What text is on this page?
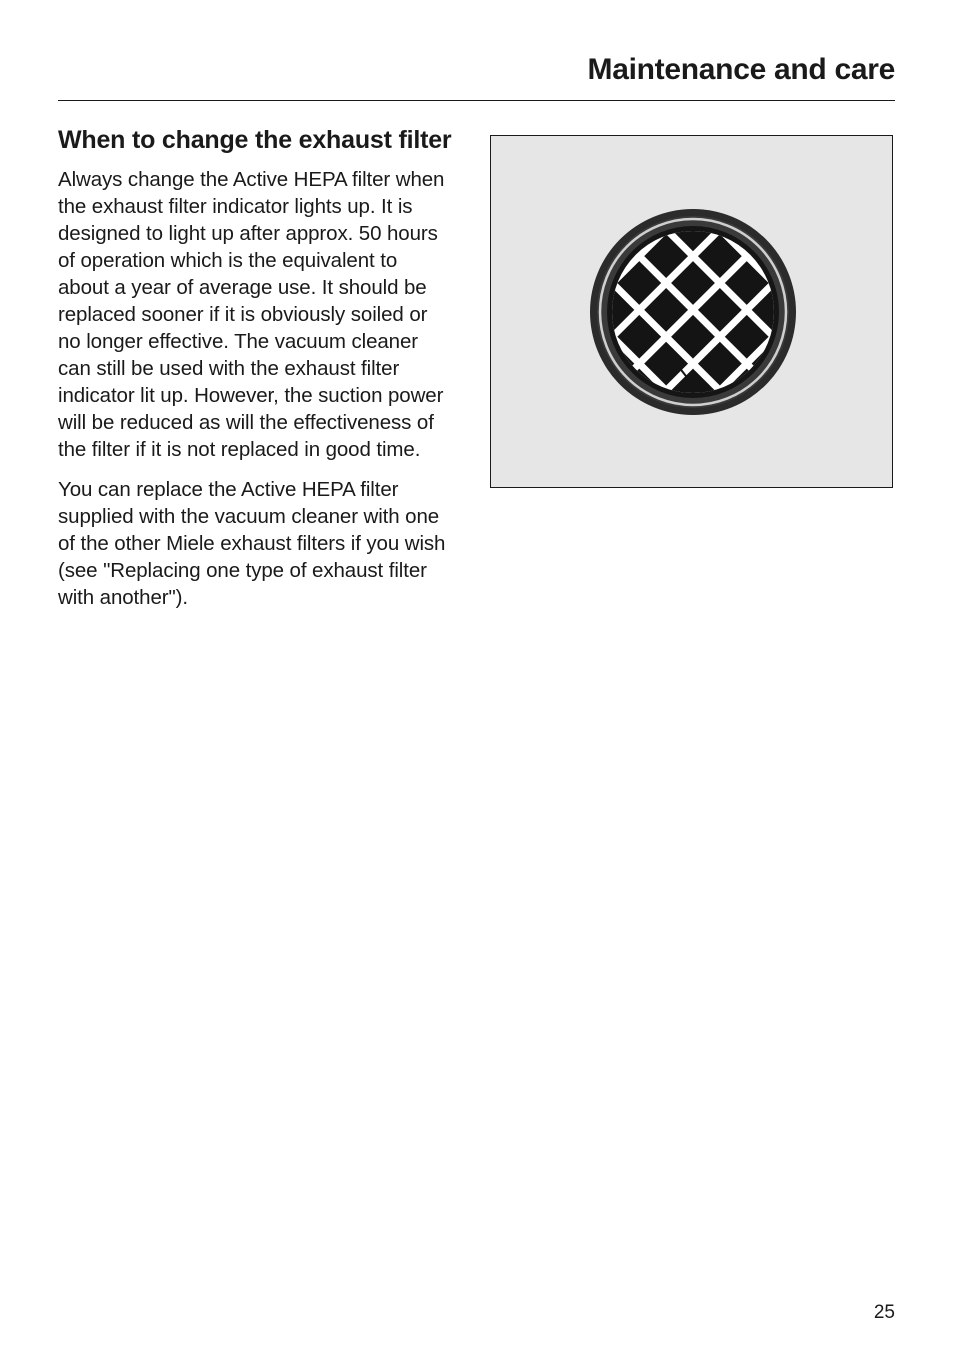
Maintenance and care
When to change the exhaust filter

Always change the Active HEPA filter when the exhaust filter indicator lights up. It is designed to light up after approx. 50 hours of operation which is the equivalent to about a year of average use. It should be replaced sooner if it is obviously soiled or no longer effective. The vacuum cleaner can still be used with the exhaust filter indicator lit up. However, the suction power will be reduced as will the effectiveness of the filter if it is not replaced in good time.

You can replace the Active HEPA filter supplied with the vacuum cleaner with one of the other Miele exhaust filters if you wish (see "Replacing one type of exhaust filter with another").

25
